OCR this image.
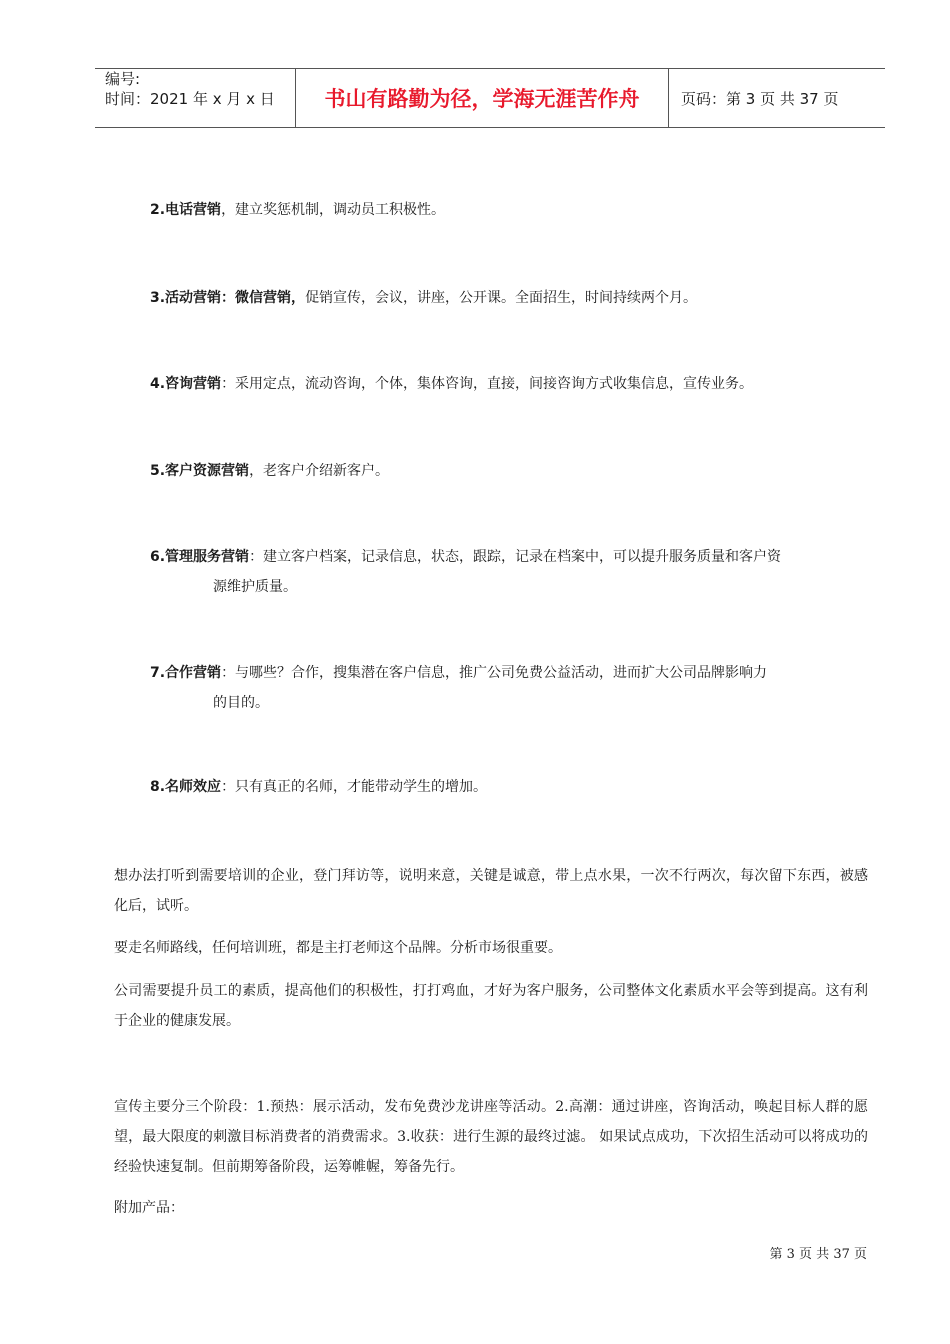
编号:
时间：2021 年 x 月 x 日	书山有路勤为径，学海无涯苦作舟	页码：第 3 页 共 37 页
2.电话营销，建立奖惩机制，调动员工积极性。
3.活动营销：微信营销，促销宣传，会议，讲座，公开课。全面招生，时间持续两个月。
4.咨询营销：采用定点，流动咨询，个体，集体咨询，直接，间接咨询方式收集信息，宣传业务。
5.客户资源营销，老客户介绍新客户。
6.管理服务营销：建立客户档案，记录信息，状态，跟踪，记录在档案中，可以提升服务质量和客户资
源维护质量。
7.合作营销：与哪些？合作，搜集潜在客户信息，推广公司免费公益活动，进而扩大公司品牌影响力
的目的。
8.名师效应：只有真正的名师，才能带动学生的增加。
想办法打听到需要培训的企业，登门拜访等，说明来意，关键是诚意，带上点水果，一次不行两次，每次留下东西，被感化后，试听。
要走名师路线，任何培训班，都是主打老师这个品牌。分析市场很重要。
公司需要提升员工的素质，提高他们的积极性，打打鸡血，才好为客户服务，公司整体文化素质水平会等到提高。这有利于企业的健康发展。
宣传主要分三个阶段：1.预热：展示活动，发布免费沙龙讲座等活动。2.高潮：通过讲座，咨询活动，唤起目标人群的愿望，最大限度的刺激目标消费者的消费需求。3.收获：进行生源的最终过滤。 如果试点成功，下次招生活动可以将成功的经验快速复制。但前期筹备阶段，运筹帷幄，筹备先行。
附加产品：
第 3 页 共 37 页
